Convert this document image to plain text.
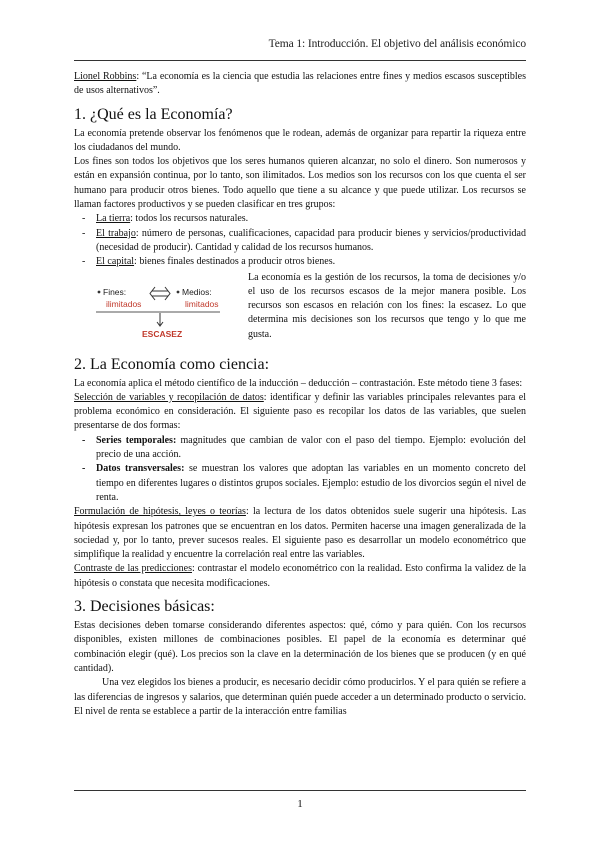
Tema 1: Introducción. El objetivo del análisis económico

Lionel Robbins: “La economía es la ciencia que estudia las relaciones entre fines y medios escasos susceptibles de usos alternativos”.

1. ¿Qué es la Economía?

La economía pretende observar los fenómenos que le rodean, además de organizar para repartir la riqueza entre los ciudadanos del mundo.

Los fines son todos los objetivos que los seres humanos quieren alcanzar, no solo el dinero. Son numerosos y están en expansión continua, por lo tanto, son ilimitados. Los medios son los recursos con los que cuenta el ser humano para producir otros bienes. Todo aquello que tiene a su alcance y que puede utilizar. Los recursos se llaman factores productivos y se pueden clasificar en tres grupos:

- La tierra: todos los recursos naturales.
- El trabajo: número de personas, cualificaciones, capacidad para producir bienes y servicios/productividad (necesidad de producir). Cantidad y calidad de los recursos humanos.
- El capital: bienes finales destinados a producir otros bienes.
Fines:
ilimitados
Medios:
limitados
ESCASEZ

La economía es la gestión de los recursos, la toma de decisiones y/o el uso de los recursos escasos de la mejor manera posible. Los recursos son escasos en relación con los fines: la escasez. Lo que determina mis decisiones son los recursos que tengo y lo que me gusta.

2. La Economía como ciencia:

La economía aplica el método científico de la inducción – deducción – contrastación. Este método tiene 3 fases:

Selección de variables y recopilación de datos: identificar y definir las variables principales relevantes para el problema económico en consideración. El siguiente paso es recopilar los datos de las variables, que suelen presentarse de dos formas:

- Series temporales: magnitudes que cambian de valor con el paso del tiempo. Ejemplo: evolución del precio de una acción.
- Datos transversales: se muestran los valores que adoptan las variables en un momento concreto del tiempo en diferentes lugares o distintos grupos sociales. Ejemplo: estudio de los divorcios según el nivel de renta.

Formulación de hipótesis, leyes o teorías: la lectura de los datos obtenidos suele sugerir una hipótesis. Las hipótesis expresan los patrones que se encuentran en los datos. Permiten hacerse una imagen generalizada de la sociedad y, por lo tanto, prever sucesos reales. El siguiente paso es desarrollar un modelo econométrico que simplifique la realidad y encuentre la correlación real entre las variables.

Contraste de las predicciones: contrastar el modelo econométrico con la realidad. Esto confirma la validez de la hipótesis o constata que necesita modificaciones.

3. Decisiones básicas:

Estas decisiones deben tomarse considerando diferentes aspectos: qué, cómo y para quién. Con los recursos disponibles, existen millones de combinaciones posibles. El papel de la economía es determinar qué combinación elegir (qué). Los precios son la clave en la determinación de los bienes que se producen (y en qué cantidad).

Una vez elegidos los bienes a producir, es necesario decidir cómo producirlos. Y el para quién se refiere a las diferencias de ingresos y salarios, que determinan quién puede acceder a un determinado producto o servicio. El nivel de renta se establece a partir de la interacción entre familias

1
